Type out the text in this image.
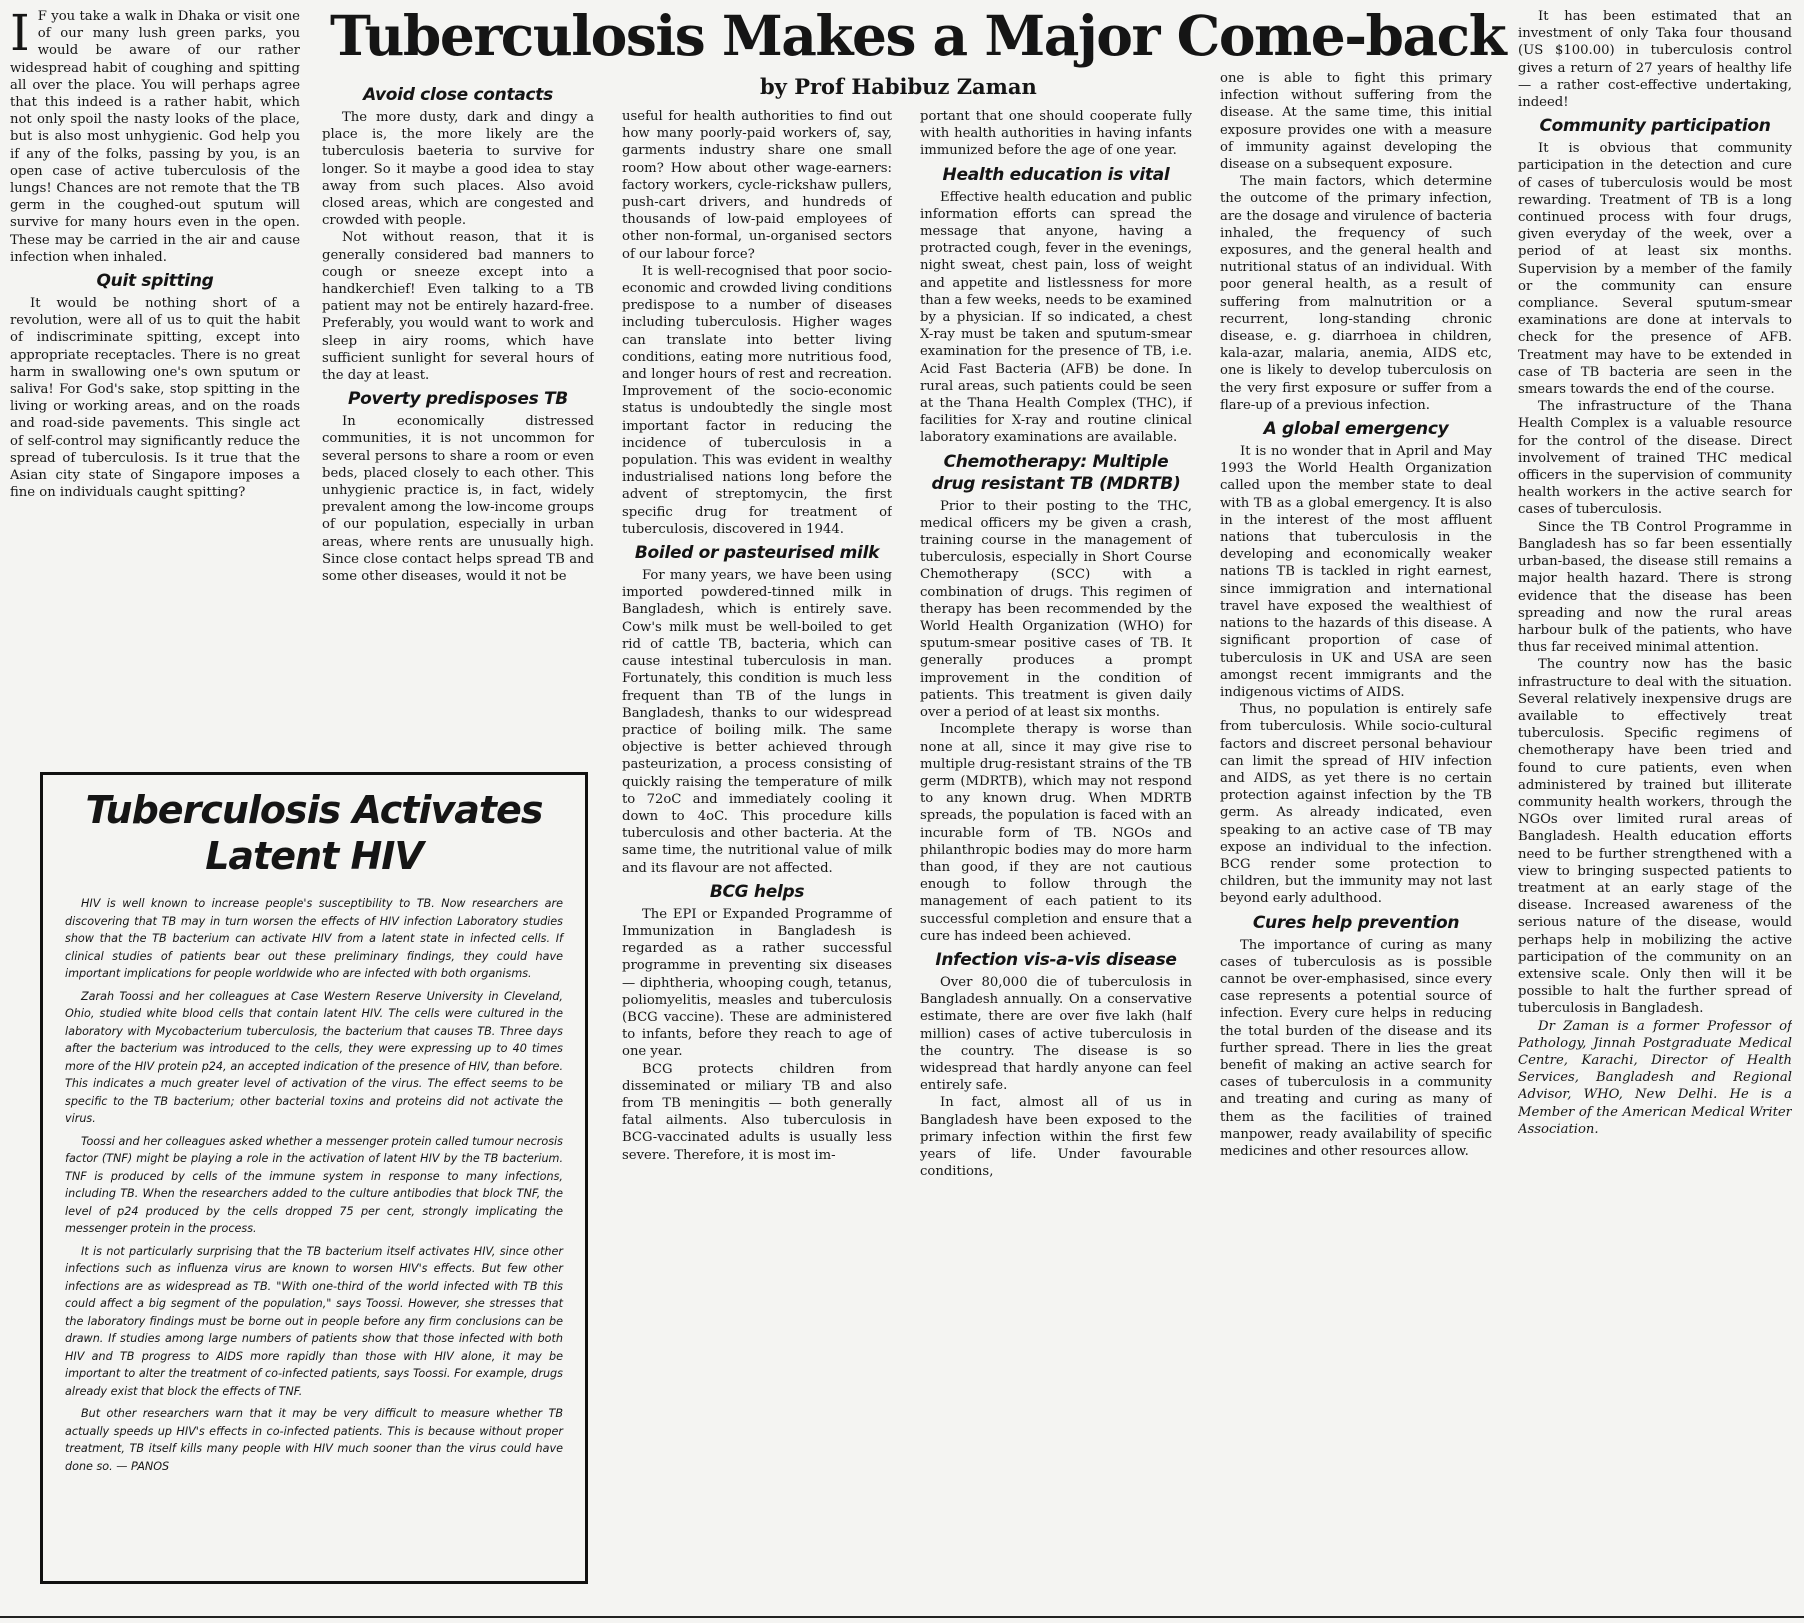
Tuberculosis Makes a Major Come-back
by Prof Habibuz Zaman

I F you take a walk in Dhaka or visit one of our many lush green parks, you would be aware of our rather widespread habit of coughing and spitting all over the place. You will perhaps agree that this indeed is a rather habit, which not only spoil the nasty looks of the place, but is also most unhygienic. God help you if any of the folks, passing by you, is an open case of active tuberculosis of the lungs! Chances are not remote that the TB germ in the coughed-out sputum will survive for many hours even in the open. These may be carried in the air and cause infection when inhaled.

Quit spitting

It would be nothing short of a revolution, were all of us to quit the habit of indiscriminate spitting, except into appropriate receptacles. There is no great harm in swallowing one's own sputum or saliva! For God's sake, stop spitting in the living or working areas, and on the roads and road-side pavements. This single act of self-control may significantly reduce the spread of tuberculosis. Is it true that the Asian city state of Singapore imposes a fine on individuals caught spitting?

Avoid close contacts

The more dusty, dark and dingy a place is, the more likely are the tuberculosis baeteria to survive for longer. So it maybe a good idea to stay away from such places. Also avoid closed areas, which are congested and crowded with people.

Not without reason, that it is generally considered bad manners to cough or sneeze except into a handkerchief! Even talking to a TB patient may not be entirely hazard-free. Preferably, you would want to work and sleep in airy rooms, which have sufficient sunlight for several hours of the day at least.

Poverty predisposes TB

In economically distressed communities, it is not uncommon for several persons to share a room or even beds, placed closely to each other. This unhygienic practice is, in fact, widely prevalent among the low-income groups of our population, especially in urban areas, where rents are unusually high. Since close contact helps spread TB and some other diseases, would it not be

useful for health authorities to find out how many poorly-paid workers of, say, garments industry share one small room? How about other wage-earners: factory workers, cycle-rickshaw pullers, push-cart drivers, and hundreds of thousands of low-paid employees of other non-formal, un-organised sectors of our labour force?

It is well-recognised that poor socio-economic and crowded living conditions predispose to a number of diseases including tuberculosis. Higher wages can translate into better living conditions, eating more nutritious food, and longer hours of rest and recreation. Improvement of the socio-economic status is undoubtedly the single most important factor in reducing the incidence of tuberculosis in a population. This was evident in wealthy industrialised nations long before the advent of streptomycin, the first specific drug for treatment of tuberculosis, discovered in 1944.

Boiled or pasteurised milk

For many years, we have been using imported powdered-tinned milk in Bangladesh, which is entirely save. Cow's milk must be well-boiled to get rid of cattle TB, bacteria, which can cause intestinal tuberculosis in man. Fortunately, this condition is much less frequent than TB of the lungs in Bangladesh, thanks to our widespread practice of boiling milk. The same objective is better achieved through pasteurization, a process consisting of quickly raising the temperature of milk to 72oC and immediately cooling it down to 4oC. This procedure kills tuberculosis and other bacteria. At the same time, the nutritional value of milk and its flavour are not affected.

BCG helps

The EPI or Expanded Programme of Immunization in Bangladesh is regarded as a rather successful programme in preventing six diseases — diphtheria, whooping cough, tetanus, poliomyelitis, measles and tuberculosis (BCG vaccine). These are administered to infants, before they reach to age of one year.

BCG protects children from disseminated or miliary TB and also from TB meningitis — both generally fatal ailments. Also tuberculosis in BCG-vaccinated adults is usually less severe. Therefore, it is most im-

portant that one should cooperate fully with health authorities in having infants immunized before the age of one year.

Health education is vital

Effective health education and public information efforts can spread the message that anyone, having a protracted cough, fever in the evenings, night sweat, chest pain, loss of weight and appetite and listlessness for more than a few weeks, needs to be examined by a physician. If so indicated, a chest X-ray must be taken and sputum-smear examination for the presence of TB, i.e. Acid Fast Bacteria (AFB) be done. In rural areas, such patients could be seen at the Thana Health Complex (THC), if facilities for X-ray and routine clinical laboratory examinations are available.

Chemotherapy: Multiple drug resistant TB (MDRTB)

Prior to their posting to the THC, medical officers my be given a crash, training course in the management of tuberculosis, especially in Short Course Chemotherapy (SCC) with a combination of drugs. This regimen of therapy has been recommended by the World Health Organization (WHO) for sputum-smear positive cases of TB. It generally produces a prompt improvement in the condition of patients. This treatment is given daily over a period of at least six months.

Incomplete therapy is worse than none at all, since it may give rise to multiple drug-resistant strains of the TB germ (MDRTB), which may not respond to any known drug. When MDRTB spreads, the population is faced with an incurable form of TB. NGOs and philanthropic bodies may do more harm than good, if they are not cautious enough to follow through the management of each patient to its successful completion and ensure that a cure has indeed been achieved.

Infection vis-a-vis disease

Over 80,000 die of tuberculosis in Bangladesh annually. On a conservative estimate, there are over five lakh (half million) cases of active tuberculosis in the country. The disease is so widespread that hardly anyone can feel entirely safe.

In fact, almost all of us in Bangladesh have been exposed to the primary infection within the first few years of life. Under favourable conditions,

one is able to fight this primary infection without suffering from the disease. At the same time, this initial exposure provides one with a measure of immunity against developing the disease on a subsequent exposure.

The main factors, which determine the outcome of the primary infection, are the dosage and virulence of bacteria inhaled, the frequency of such exposures, and the general health and nutritional status of an individual. With poor general health, as a result of suffering from malnutrition or a recurrent, long-standing chronic disease, e. g. diarrhoea in children, kala-azar, malaria, anemia, AIDS etc, one is likely to develop tuberculosis on the very first exposure or suffer from a flare-up of a previous infection.

A global emergency

It is no wonder that in April and May 1993 the World Health Organization called upon the member state to deal with TB as a global emergency. It is also in the interest of the most affluent nations that tuberculosis in the developing and economically weaker nations TB is tackled in right earnest, since immigration and international travel have exposed the wealthiest of nations to the hazards of this disease. A significant proportion of case of tuberculosis in UK and USA are seen amongst recent immigrants and the indigenous victims of AIDS.

Thus, no population is entirely safe from tuberculosis. While socio-cultural factors and discreet personal behaviour can limit the spread of HIV infection and AIDS, as yet there is no certain protection against infection by the TB germ. As already indicated, even speaking to an active case of TB may expose an individual to the infection. BCG render some protection to children, but the immunity may not last beyond early adulthood.

Cures help prevention

The importance of curing as many cases of tuberculosis as is possible cannot be over-emphasised, since every case represents a potential source of infection. Every cure helps in reducing the total burden of the disease and its further spread. There in lies the great benefit of making an active search for cases of tuberculosis in a community and treating and curing as many of them as the facilities of trained manpower, ready availability of specific medicines and other resources allow.

It has been estimated that an investment of only Taka four thousand (US $100.00) in tuberculosis control gives a return of 27 years of healthy life — a rather cost-effective undertaking, indeed!

Community participation

It is obvious that community participation in the detection and cure of cases of tuberculosis would be most rewarding. Treatment of TB is a long continued process with four drugs, given everyday of the week, over a period of at least six months. Supervision by a member of the family or the community can ensure compliance. Several sputum-smear examinations are done at intervals to check for the presence of AFB. Treatment may have to be extended in case of TB bacteria are seen in the smears towards the end of the course.

The infrastructure of the Thana Health Complex is a valuable resource for the control of the disease. Direct involvement of trained THC medical officers in the supervision of community health workers in the active search for cases of tuberculosis.

Since the TB Control Programme in Bangladesh has so far been essentially urban-based, the disease still remains a major health hazard. There is strong evidence that the disease has been spreading and now the rural areas harbour bulk of the patients, who have thus far received minimal attention.

The country now has the basic infrastructure to deal with the situation. Several relatively inexpensive drugs are available to effectively treat tuberculosis. Specific regimens of chemotherapy have been tried and found to cure patients, even when administered by trained but illiterate community health workers, through the NGOs over limited rural areas of Bangladesh. Health education efforts need to be further strengthened with a view to bringing suspected patients to treatment at an early stage of the disease. Increased awareness of the serious nature of the disease, would perhaps help in mobilizing the active participation of the community on an extensive scale. Only then will it be possible to halt the further spread of tuberculosis in Bangladesh.

Dr Zaman is a former Professor of Pathology, Jinnah Postgraduate Medical Centre, Karachi, Director of Health Services, Bangladesh and Regional Advisor, WHO, New Delhi. He is a Member of the American Medical Writer Association.

Tuberculosis Activates
Latent HIV

HIV is well known to increase people's susceptibility to TB. Now researchers are discovering that TB may in turn worsen the effects of HIV infection Laboratory studies show that the TB bacterium can activate HIV from a latent state in infected cells. If clinical studies of patients bear out these preliminary findings, they could have important implications for people worldwide who are infected with both organisms.

Zarah Toossi and her colleagues at Case Western Reserve University in Cleveland, Ohio, studied white blood cells that contain latent HIV. The cells were cultured in the laboratory with Mycobacterium tuberculosis, the bacterium that causes TB. Three days after the bacterium was introduced to the cells, they were expressing up to 40 times more of the HIV protein p24, an accepted indication of the presence of HIV, than before. This indicates a much greater level of activation of the virus. The effect seems to be specific to the TB bacterium; other bacterial toxins and proteins did not activate the virus.

Toossi and her colleagues asked whether a messenger protein called tumour necrosis factor (TNF) might be playing a role in the activation of latent HIV by the TB bacterium. TNF is produced by cells of the immune system in response to many infections, including TB. When the researchers added to the culture antibodies that block TNF, the level of p24 produced by the cells dropped 75 per cent, strongly implicating the messenger protein in the process.

It is not particularly surprising that the TB bacterium itself activates HIV, since other infections such as influenza virus are known to worsen HIV's effects. But few other infections are as widespread as TB. "With one-third of the world infected with TB this could affect a big segment of the population," says Toossi. However, she stresses that the laboratory findings must be borne out in people before any firm conclusions can be drawn. If studies among large numbers of patients show that those infected with both HIV and TB progress to AIDS more rapidly than those with HIV alone, it may be important to alter the treatment of co-infected patients, says Toossi. For example, drugs already exist that block the effects of TNF.

But other researchers warn that it may be very difficult to measure whether TB actually speeds up HIV's effects in co-infected patients. This is because without proper treatment, TB itself kills many people with HIV much sooner than the virus could have done so. — PANOS
